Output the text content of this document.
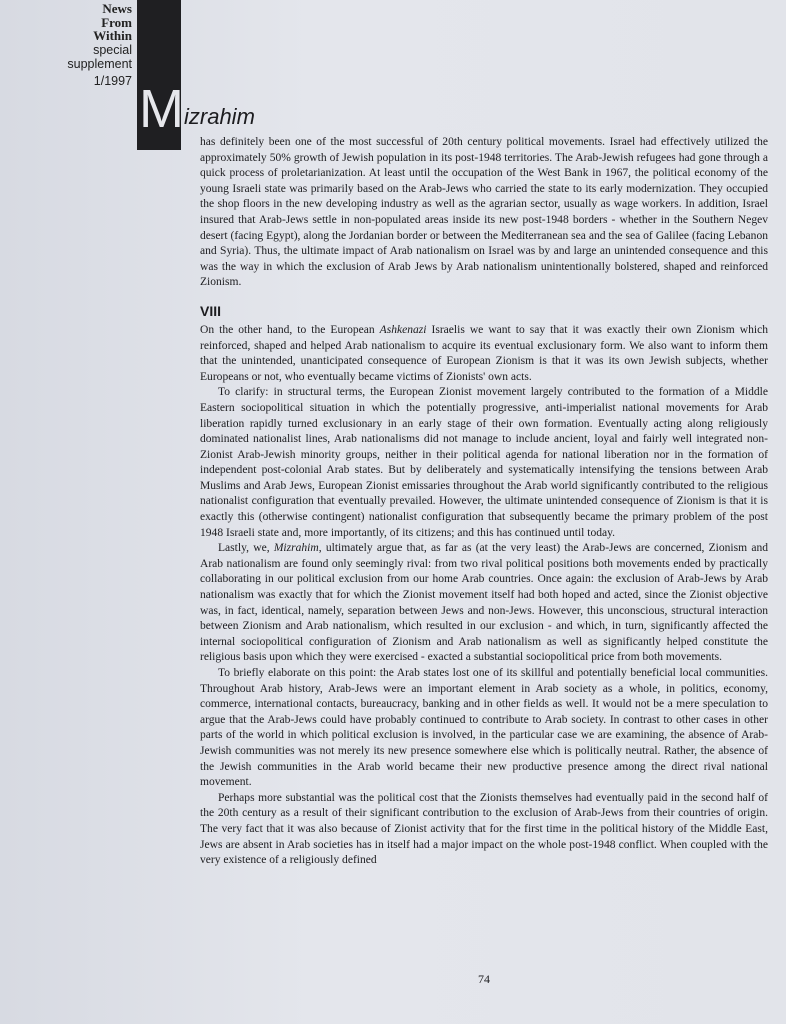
News
From
Within
special
supplement
1/1997 M izrahim

has definitely been one of the most successful of 20th century political movements. Israel had effectively utilized the approximately 50% growth of Jewish population in its post-1948 territories. The Arab-Jewish refugees had gone through a quick process of proletarianization. At least until the occupation of the West Bank in 1967, the political economy of the young Israeli state was primarily based on the Arab-Jews who carried the state to its early modernization. They occupied the shop floors in the new developing industry as well as the agrarian sector, usually as wage workers. In addition, Israel insured that Arab-Jews settle in non-populated areas inside its new post-1948 borders - whether in the Southern Negev desert (facing Egypt), along the Jordanian border or between the Mediterranean sea and the sea of Galilee (facing Lebanon and Syria). Thus, the ultimate impact of Arab nationalism on Israel was by and large an unintended consequence and this was the way in which the exclusion of Arab Jews by Arab nationalism unintentionally bolstered, shaped and reinforced Zionism.

VIII

On the other hand, to the European Ashkenazi Israelis we want to say that it was exactly their own Zionism which reinforced, shaped and helped Arab nationalism to acquire its eventual exclusionary form. We also want to inform them that the unintended, unanticipated consequence of European Zionism is that it was its own Jewish subjects, whether Europeans or not, who eventually became victims of Zionists' own acts.

To clarify: in structural terms, the European Zionist movement largely contributed to the formation of a Middle Eastern sociopolitical situation in which the potentially progressive, anti-imperialist national movements for Arab liberation rapidly turned exclusionary in an early stage of their own formation. Eventually acting along religiously dominated nationalist lines, Arab nationalisms did not manage to include ancient, loyal and fairly well integrated non-Zionist Arab-Jewish minority groups, neither in their political agenda for national liberation nor in the formation of independent post-colonial Arab states. But by deliberately and systematically intensifying the tensions between Arab Muslims and Arab Jews, European Zionist emissaries throughout the Arab world significantly contributed to the religious nationalist configuration that eventually prevailed. However, the ultimate unintended consequence of Zionism is that it is exactly this (otherwise contingent) nationalist configuration that subsequently became the primary problem of the post 1948 Israeli state and, more importantly, of its citizens; and this has continued until today.

Lastly, we, Mizrahim, ultimately argue that, as far as (at the very least) the Arab-Jews are concerned, Zionism and Arab nationalism are found only seemingly rival: from two rival political positions both movements ended by practically collaborating in our political exclusion from our home Arab countries. Once again: the exclusion of Arab-Jews by Arab nationalism was exactly that for which the Zionist movement itself had both hoped and acted, since the Zionist objective was, in fact, identical, namely, separation between Jews and non-Jews. However, this unconscious, structural interaction between Zionism and Arab nationalism, which resulted in our exclusion - and which, in turn, significantly affected the internal sociopolitical configuration of Zionism and Arab nationalism as well as significantly helped constitute the religious basis upon which they were exercised - exacted a substantial sociopolitical price from both movements.

To briefly elaborate on this point: the Arab states lost one of its skillful and potentially beneficial local communities. Throughout Arab history, Arab-Jews were an important element in Arab society as a whole, in politics, economy, commerce, international contacts, bureaucracy, banking and in other fields as well. It would not be a mere speculation to argue that the Arab-Jews could have probably continued to contribute to Arab society. In contrast to other cases in other parts of the world in which political exclusion is involved, in the particular case we are examining, the absence of Arab-Jewish communities was not merely its new presence somewhere else which is politically neutral. Rather, the absence of the Jewish communities in the Arab world became their new productive presence among the direct rival national movement.

Perhaps more substantial was the political cost that the Zionists themselves had eventually paid in the second half of the 20th century as a result of their significant contribution to the exclusion of Arab-Jews from their countries of origin. The very fact that it was also because of Zionist activity that for the first time in the political history of the Middle East, Jews are absent in Arab societies has in itself had a major impact on the whole post-1948 conflict. When coupled with the very existence of a religiously defined

74
